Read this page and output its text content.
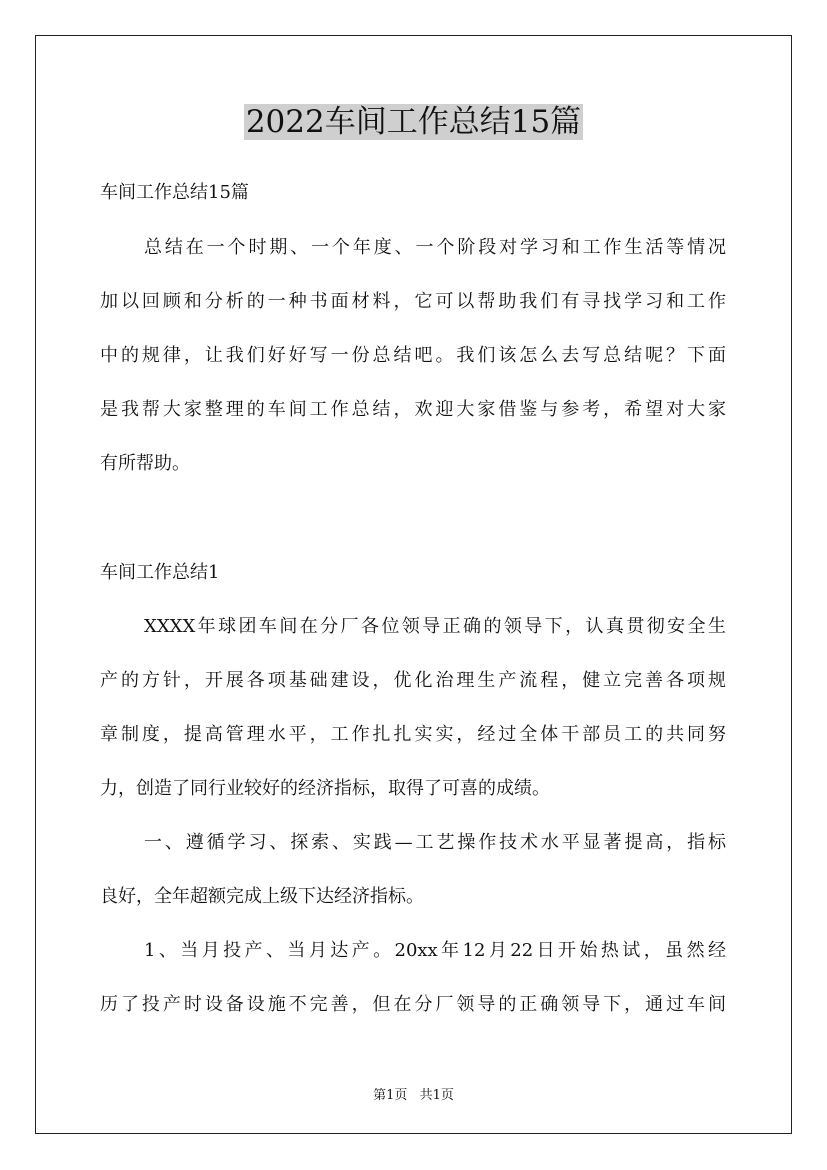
2022车间工作总结15篇
车间工作总结15篇
总结在一个时期、一个年度、一个阶段对学习和工作生活等情况
加以回顾和分析的一种书面材料，它可以帮助我们有寻找学习和工作
中的规律，让我们好好写一份总结吧。我们该怎么去写总结呢？下面
是我帮大家整理的车间工作总结，欢迎大家借鉴与参考，希望对大家
有所帮助。
车间工作总结1
XXXX年球团车间在分厂各位领导正确的领导下，认真贯彻安全生
产的方针，开展各项基础建设，优化治理生产流程，健立完善各项规
章制度，提高管理水平，工作扎扎实实，经过全体干部员工的共同努
力，创造了同行业较好的经济指标，取得了可喜的成绩。
一、遵循学习、探索、实践—工艺操作技术水平显著提高，指标
良好，全年超额完成上级下达经济指标。
1、当月投产、当月达产。20xx年12月22日开始热试，虽然经
历了投产时设备设施不完善，但在分厂领导的正确领导下，通过车间
第1页 共1页
